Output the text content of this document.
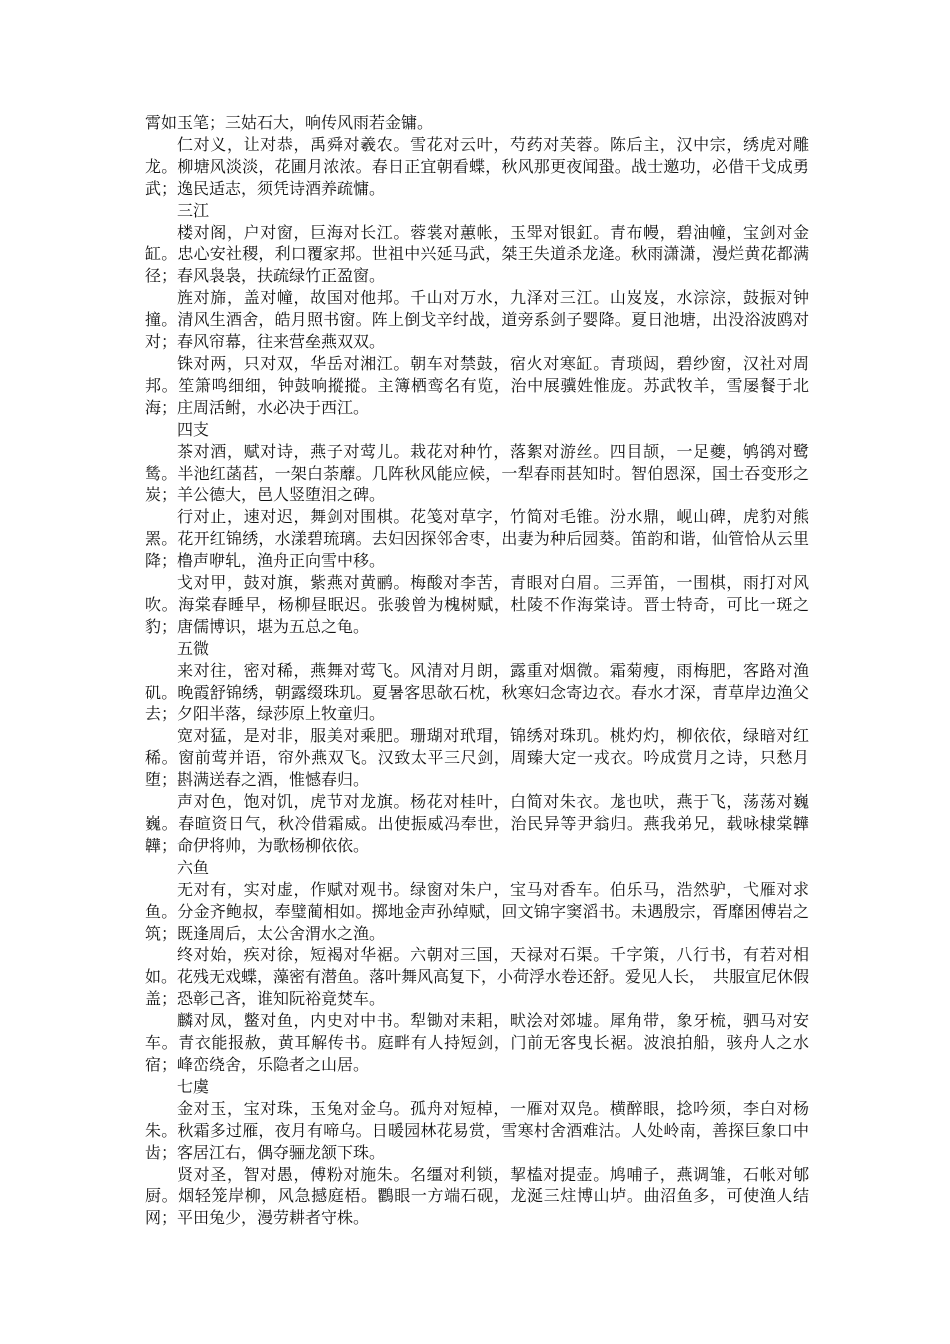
霄如玉笔；三姑石大，响传风雨若金镛。

仁对义，让对恭，禹舜对羲农。雪花对云叶，芍药对芙蓉。陈后主，汉中宗，绣虎对雕龙。柳塘风淡淡，花圃月浓浓。春日正宜朝看蝶，秋风那更夜闻蛩。战士邀功，必借干戈成勇武；逸民适志，须凭诗酒养疏慵。

三江

楼对阁，户对窗，巨海对长江。蓉裳对蕙帐，玉斝对银釭。青布幔，碧油幢，宝剑对金缸。忠心安社稷，利口覆家邦。世祖中兴延马武，桀王失道杀龙逄。秋雨潇潇，漫烂黄花都满径；春风袅袅，扶疏绿竹正盈窗。

旌对旆，盖对幢，故国对他邦。千山对万水，九泽对三江。山岌岌，水淙淙，鼓振对钟撞。清风生酒舍，皓月照书窗。阵上倒戈辛纣战，道旁系剑子婴降。夏日池塘，出没浴波鸥对对；春风帘幕，往来营垒燕双双。

铢对两，只对双，华岳对湘江。朝车对禁鼓，宿火对寒缸。青琐闼，碧纱窗，汉社对周邦。笙箫鸣细细，钟鼓响摐摐。主簿栖鸾名有览，治中展骥姓惟庞。苏武牧羊，雪屡餐于北海；庄周活鲋，水必决于西江。

四支

茶对酒，赋对诗，燕子对莺儿。栽花对种竹，落絮对游丝。四目颉，一足夔，鸲鹆对鹭鸶。半池红菡萏，一架白荼蘼。几阵秋风能应候，一犁春雨甚知时。智伯恩深，国士吞变形之炭；羊公德大，邑人竖堕泪之碑。

行对止，速对迟，舞剑对围棋。花笺对草字，竹简对毛锥。汾水鼎，岘山碑，虎豹对熊罴。花开红锦绣，水漾碧琉璃。去妇因探邻舍枣，出妻为种后园葵。笛韵和谐，仙管恰从云里降；橹声咿轧，渔舟正向雪中移。

戈对甲，鼓对旗，紫燕对黄鹂。梅酸对李苦，青眼对白眉。三弄笛，一围棋，雨打对风吹。海棠春睡早，杨柳昼眠迟。张骏曾为槐树赋，杜陵不作海棠诗。晋士特奇，可比一斑之豹；唐儒博识，堪为五总之龟。

五微

来对往，密对稀，燕舞对莺飞。风清对月朗，露重对烟微。霜菊瘦，雨梅肥，客路对渔矶。晚霞舒锦绣，朝露缀珠玑。夏暑客思欹石枕，秋寒妇念寄边衣。春水才深，青草岸边渔父去；夕阳半落，绿莎原上牧童归。

宽对猛，是对非，服美对乘肥。珊瑚对玳瑁，锦绣对珠玑。桃灼灼，柳依依，绿暗对红稀。窗前莺并语，帘外燕双飞。汉致太平三尺剑，周臻大定一戎衣。吟成赏月之诗，只愁月堕；斟满送春之酒，惟憾春归。

声对色，饱对饥，虎节对龙旗。杨花对桂叶，白简对朱衣。尨也吠，燕于飞，荡荡对巍巍。春暄资日气，秋冷借霜威。出使振威冯奉世，治民异等尹翁归。燕我弟兄，载咏棣棠韡韡；命伊将帅，为歌杨柳依依。

六鱼

无对有，实对虚，作赋对观书。绿窗对朱户，宝马对香车。伯乐马，浩然驴，弋雁对求鱼。分金齐鲍叔，奉璧蔺相如。掷地金声孙绰赋，回文锦字窦滔书。未遇殷宗，胥靡困傅岩之筑；既逢周后，太公舍渭水之渔。

终对始，疾对徐，短褐对华裾。六朝对三国，天禄对石渠。千字策，八行书，有若对相如。花残无戏蝶，藻密有潜鱼。落叶舞风高复下，小荷浮水卷还舒。爱见人长，　共服宣尼休假盖；恐彰己吝，谁知阮裕竟焚车。

麟对凤，鳖对鱼，内史对中书。犁锄对耒耜，畎浍对郊墟。犀角带，象牙梳，驷马对安车。青衣能报赦，黄耳解传书。庭畔有人持短剑，门前无客曳长裾。波浪拍船，骇舟人之水宿；峰峦绕舍，乐隐者之山居。

七虞

金对玉，宝对珠，玉兔对金乌。孤舟对短棹，一雁对双凫。横醉眼，捻吟须，李白对杨朱。秋霜多过雁，夜月有啼乌。日暖园林花易赏，雪寒村舍酒难沽。人处岭南，善探巨象口中齿；客居江右，偶夺骊龙颔下珠。

贤对圣，智对愚，傅粉对施朱。名缰对利锁，挈榼对提壶。鸠哺子，燕调雏，石帐对郇厨。烟轻笼岸柳，风急撼庭梧。鸜眼一方端石砚，龙涎三炷博山垆。曲沼鱼多，可使渔人结网；平田兔少，漫劳耕者守株。
